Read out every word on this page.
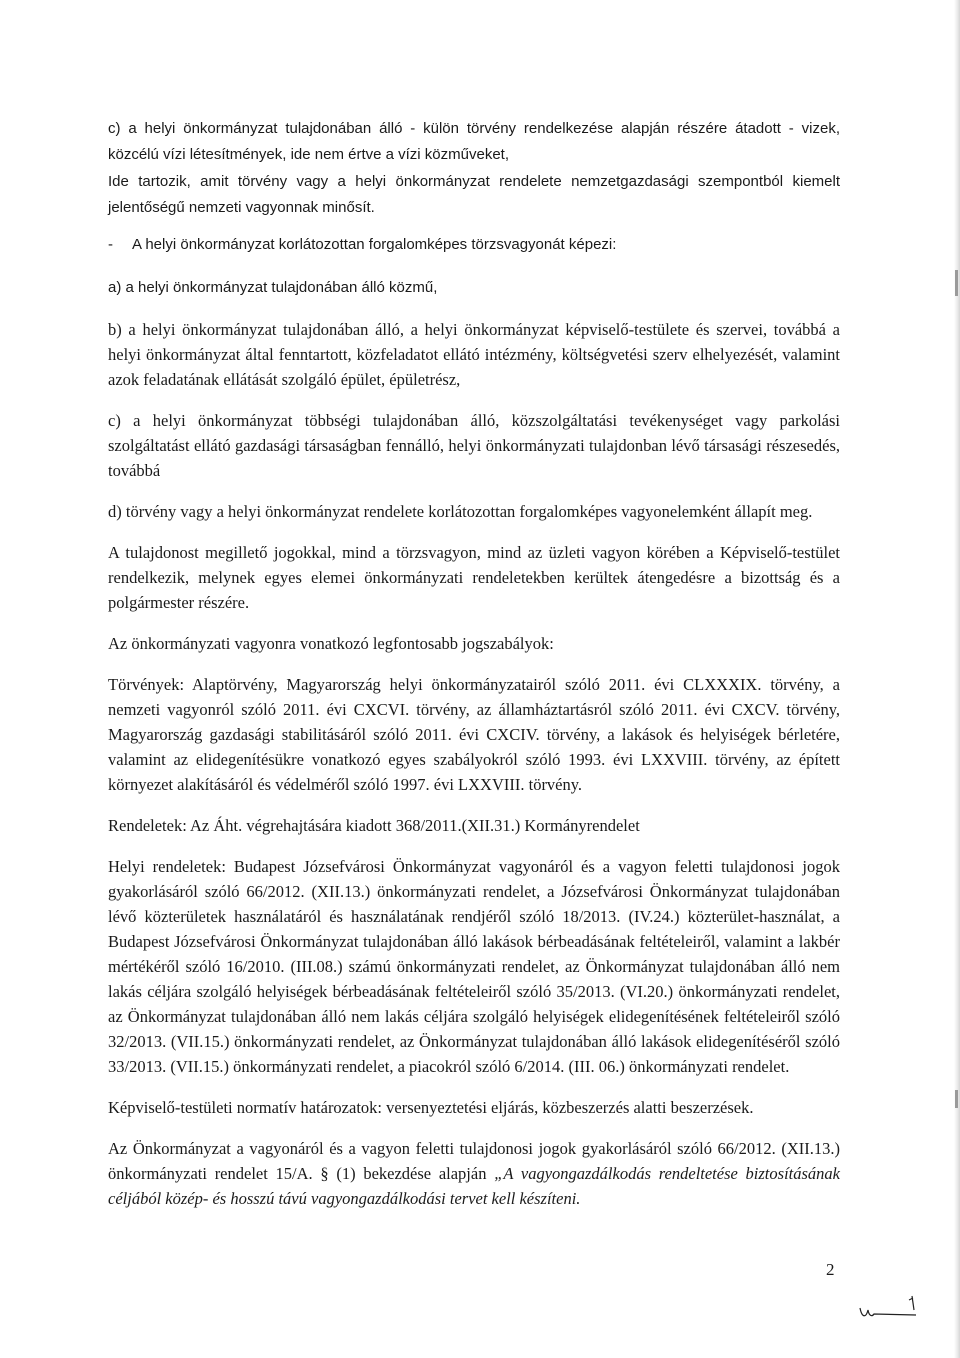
c) a helyi önkormányzat tulajdonában álló - külön törvény rendelkezése alapján részére átadott - vizek, közcélú vízi létesítmények, ide nem értve a vízi közműveket,

Ide tartozik, amit törvény vagy a helyi önkormányzat rendelete nemzetgazdasági szempontból kiemelt jelentőségű nemzeti vagyonnak minősít.

- A helyi önkormányzat korlátozottan forgalomképes törzsvagyonát képezi:

a) a helyi önkormányzat tulajdonában álló közmű,

b) a helyi önkormányzat tulajdonában álló, a helyi önkormányzat képviselő-testülete és szervei, továbbá a helyi önkormányzat által fenntartott, közfeladatot ellátó intézmény, költségvetési szerv elhelyezését, valamint azok feladatának ellátását szolgáló épület, épületrész,

c) a helyi önkormányzat többségi tulajdonában álló, közszolgáltatási tevékenységet vagy parkolási szolgáltatást ellátó gazdasági társaságban fennálló, helyi önkormányzati tulajdonban lévő társasági részesedés, továbbá

d) törvény vagy a helyi önkormányzat rendelete korlátozottan forgalomképes vagyonelemként állapít meg.

A tulajdonost megillető jogokkal, mind a törzsvagyon, mind az üzleti vagyon körében a Képviselő-testület rendelkezik, melynek egyes elemei önkormányzati rendeletekben kerültek átengedésre a bizottság és a polgármester részére.

Az önkormányzati vagyonra vonatkozó legfontosabb jogszabályok:

Törvények: Alaptörvény, Magyarország helyi önkormányzatairól szóló 2011. évi CLXXXIX. törvény, a nemzeti vagyonról szóló 2011. évi CXCVI. törvény, az államháztartásról szóló 2011. évi CXCV. törvény, Magyarország gazdasági stabilitásáról szóló 2011. évi CXCIV. törvény, a lakások és helyiségek bérletére, valamint az elidegenítésükre vonatkozó egyes szabályokról szóló 1993. évi LXXVIII. törvény, az épített környezet alakításáról és védelméről szóló 1997. évi LXXVIII. törvény.

Rendeletek: Az Áht. végrehajtására kiadott 368/2011.(XII.31.) Kormányrendelet

Helyi rendeletek: Budapest Józsefvárosi Önkormányzat vagyonáról és a vagyon feletti tulajdonosi jogok gyakorlásáról szóló 66/2012. (XII.13.) önkormányzati rendelet, a Józsefvárosi Önkormányzat tulajdonában lévő közterületek használatáról és használatának rendjéről szóló 18/2013. (IV.24.) közterület-használat, a Budapest Józsefvárosi Önkormányzat tulajdonában álló lakások bérbeadásának feltételeiről, valamint a lakbér mértékéről szóló 16/2010. (III.08.) számú önkormányzati rendelet, az Önkormányzat tulajdonában álló nem lakás céljára szolgáló helyiségek bérbeadásának feltételeiről szóló 35/2013. (VI.20.) önkormányzati rendelet, az Önkormányzat tulajdonában álló nem lakás céljára szolgáló helyiségek elidegenítésének feltételeiről szóló 32/2013. (VII.15.) önkormányzati rendelet, az Önkormányzat tulajdonában álló lakások elidegenítéséről szóló 33/2013. (VII.15.) önkormányzati rendelet, a piacokról szóló 6/2014. (III. 06.) önkormányzati rendelet.

Képviselő-testületi normatív határozatok: versenyeztetési eljárás, közbeszerzés alatti beszerzések.

Az Önkormányzat a vagyonáról és a vagyon feletti tulajdonosi jogok gyakorlásáról szóló 66/2012. (XII.13.) önkormányzati rendelet 15/A. § (1) bekezdése alapján „A vagyongazdálkodás rendeltetése biztosításának céljából közép- és hosszú távú vagyongazdálkodási tervet kell készíteni.

2
